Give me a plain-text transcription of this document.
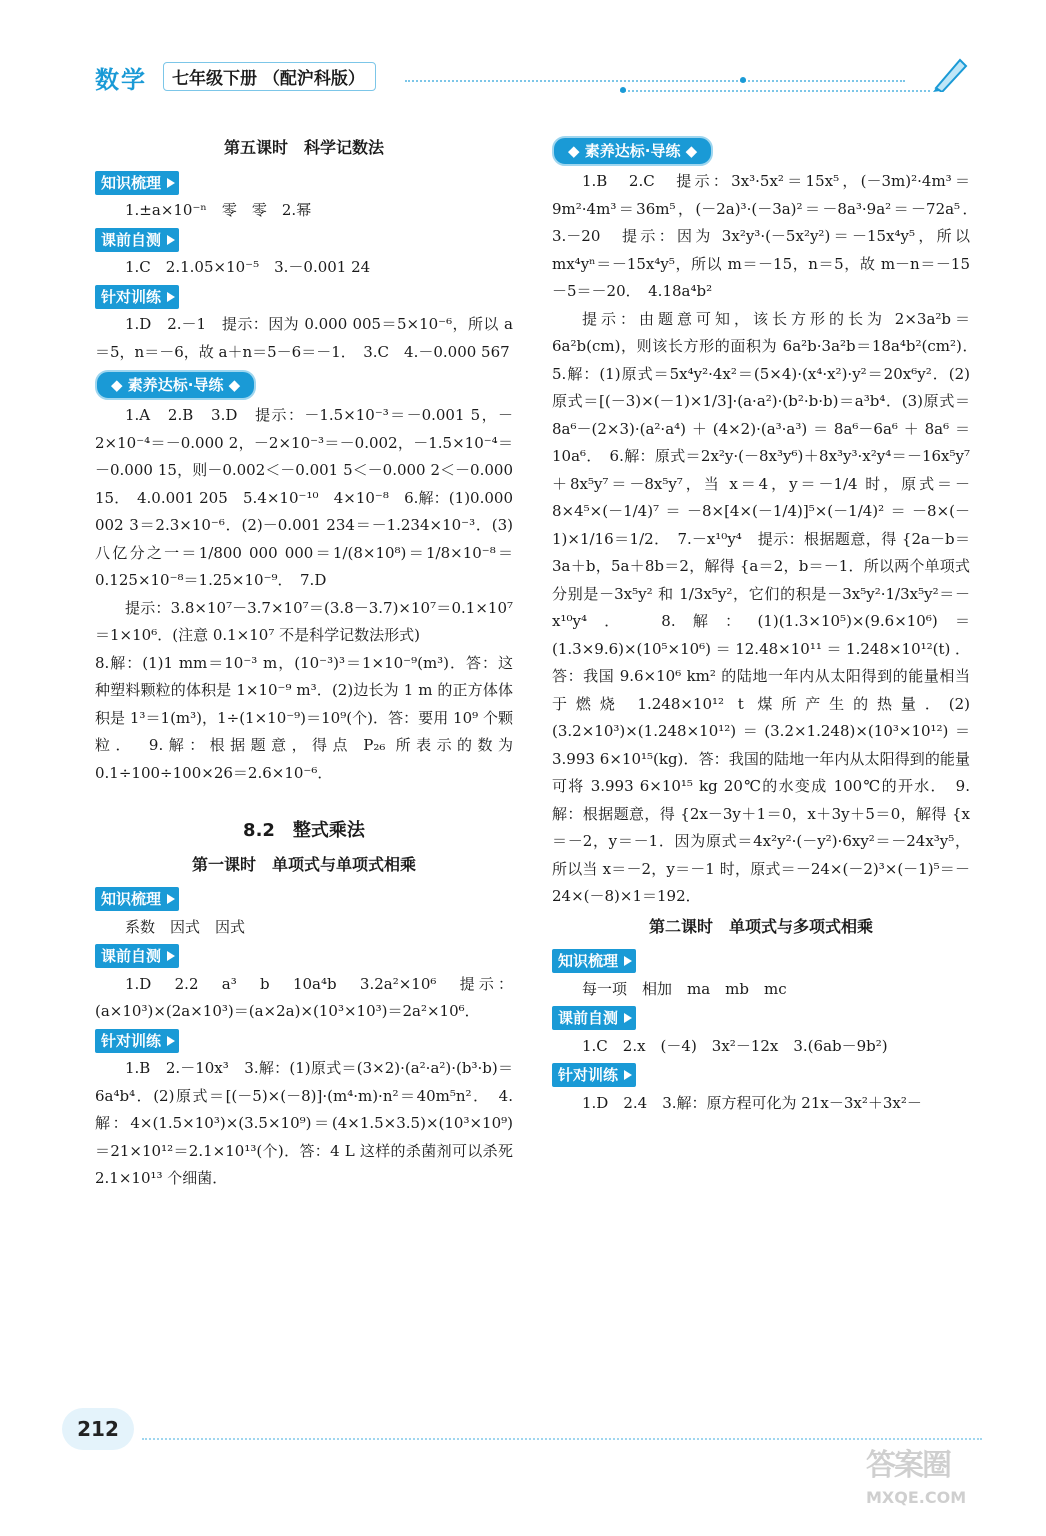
数学	七年级下册 （配沪科版）
第五课时　科学记数法
知识梳理

1.±a×10⁻ⁿ　零　零　2.幂

课前自测

1.C　2.1.05×10⁻⁵　3.－0.001 24

针对训练

1.D　2.－1　提示：因为 0.000 005＝5×10⁻⁶，所以 a＝5，n＝－6，故 a＋n＝5－6＝－1．　3.C　4.－0.000 567

◆ 素养达标·导练 ◆

1.A　2.B　3.D　提示：－1.5×10⁻³＝－0.001 5，－2×10⁻⁴＝－0.000 2，－2×10⁻³＝－0.002，－1.5×10⁻⁴＝－0.000 15，则－0.002＜－0.001 5＜－0.000 2＜－0.000 15．　4.0.001 205　5.4×10⁻¹⁰　4×10⁻⁸　6.解：(1)0.000 002 3＝2.3×10⁻⁶．(2)－0.001 234＝－1.234×10⁻³．(3)八亿分之一＝1/800 000 000＝1/(8×10⁸)＝1/8×10⁻⁸＝0.125×10⁻⁸＝1.25×10⁻⁹．　7.D

提示：3.8×10⁷－3.7×10⁷＝(3.8－3.7)×10⁷＝0.1×10⁷＝1×10⁶．(注意 0.1×10⁷ 不是科学记数法形式)

8.解：(1)1 mm＝10⁻³ m，(10⁻³)³＝1×10⁻⁹(m³)．答：这种塑料颗粒的体积是 1×10⁻⁹ m³．(2)边长为 1 m 的正方体体积是 1³＝1(m³)，1÷(1×10⁻⁹)＝10⁹(个)．答：要用 10⁹ 个颗粒．　9.解：根据题意，得点 P₂₆ 所表示的数为 0.1÷100÷100×26＝2.6×10⁻⁶．

8.2　整式乘法
第一课时　单项式与单项式相乘
知识梳理

系数　因式　因式

课前自测

1.D　2.2　a³　b　10a⁴b　3.2a²×10⁶　提示：(a×10³)×(2a×10³)＝(a×2a)×(10³×10³)＝2a²×10⁶．

针对训练

1.B　2.－10x³　3.解：(1)原式＝(3×2)·(a²·a²)·(b³·b)＝6a⁴b⁴．(2)原式＝[(－5)×(－8)]·(m⁴·m)·n²＝40m⁵n²．　4.解：4×(1.5×10³)×(3.5×10⁹)＝(4×1.5×3.5)×(10³×10⁹)＝21×10¹²＝2.1×10¹³(个)．答：4 L 这样的杀菌剂可以杀死 2.1×10¹³ 个细菌．

◆ 素养达标·导练 ◆

1.B　2.C　提示：3x³·5x²＝15x⁵，(－3m)²·4m³＝9m²·4m³＝36m⁵，(－2a)³·(－3a)²＝－8a³·9a²＝－72a⁵．　3.－20　提示：因为 3x²y³·(－5x²y²)＝－15x⁴y⁵，所以 mx⁴yⁿ＝－15x⁴y⁵，所以 m＝－15，n＝5，故 m－n＝－15－5＝－20．　4.18a⁴b²

提示：由题意可知，该长方形的长为 2×3a²b＝6a²b(cm)，则该长方形的面积为 6a²b·3a²b＝18a⁴b²(cm²)．　5.解：(1)原式＝5x⁴y²·4x²＝(5×4)·(x⁴·x²)·y²＝20x⁶y²．(2)原式＝[(－3)×(－1)×1/3]·(a·a²)·(b²·b·b)＝a³b⁴．(3)原式＝8a⁶－(2×3)·(a²·a⁴)＋(4×2)·(a³·a³)＝8a⁶－6a⁶＋8a⁶＝10a⁶．　6.解：原式＝2x²y·(－8x³y⁶)＋8x³y³·x²y⁴＝－16x⁵y⁷＋8x⁵y⁷＝－8x⁵y⁷，当 x＝4，y＝－1/4 时，原式＝－8×4⁵×(－1/4)⁷＝－8×[4×(－1/4)]⁵×(－1/4)²＝－8×(－1)×1/16＝1/2．　7.－x¹⁰y⁴　提示：根据题意，得 {2a－b＝3a＋b，5a＋8b＝2，解得 {a＝2，b＝－1．所以两个单项式分别是－3x⁵y² 和 1/3x⁵y²，它们的积是－3x⁵y²·1/3x⁵y²＝－x¹⁰y⁴．　8.解：(1)(1.3×10⁵)×(9.6×10⁶)＝(1.3×9.6)×(10⁵×10⁶)＝12.48×10¹¹＝1.248×10¹²(t)．答：我国 9.6×10⁶ km² 的陆地一年内从太阳得到的能量相当于燃烧 1.248×10¹² t 煤所产生的热量．(2)(3.2×10³)×(1.248×10¹²)＝(3.2×1.248)×(10³×10¹²)＝3.993 6×10¹⁵(kg)．答：我国的陆地一年内从太阳得到的能量可将 3.993 6×10¹⁵ kg 20℃的水变成 100℃的开水．　9.解：根据题意，得 {2x－3y＋1＝0，x＋3y＋5＝0，解得 {x＝－2，y＝－1．因为原式＝4x²y²·(－y²)·6xy²＝－24x³y⁵，所以当 x＝－2，y＝－1 时，原式＝－24×(－2)³×(－1)⁵＝－24×(－8)×1＝192．

第二课时　单项式与多项式相乘
知识梳理

每一项　相加　ma　mb　mc

课前自测

1.C　2.x　(－4)　3x²－12x　3.(6ab－9b²)

针对训练

1.D　2.4　3.解：原方程可化为 21x－3x²＋3x²－

212
答案圈
MXQE.COM
